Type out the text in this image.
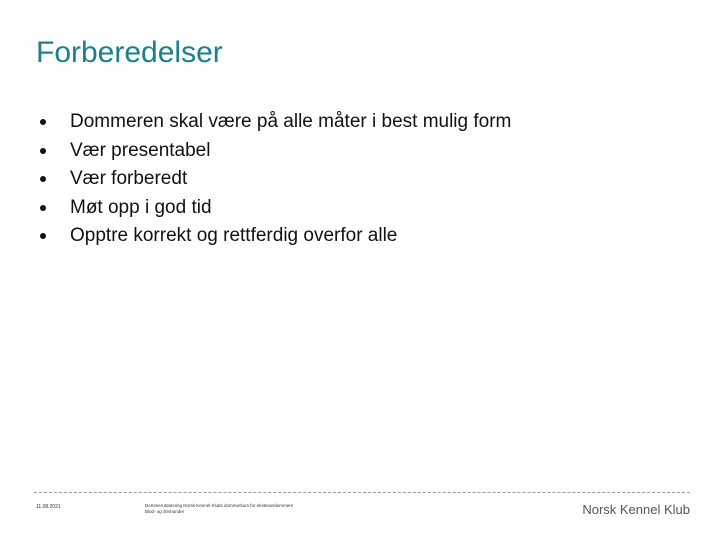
Forberedelser
Dommeren skal være på alle måter i best mulig form
Vær presentabel
Vær forberedt
Møt opp i god tid
Opptre korrekt og rettferdig overfor alle
11.08.2021	Dommerutdanning Norsk Kennel Klubs dommerkurs for eksteriørdommere
Blod- og drivhunder	Norsk Kennel Klub
